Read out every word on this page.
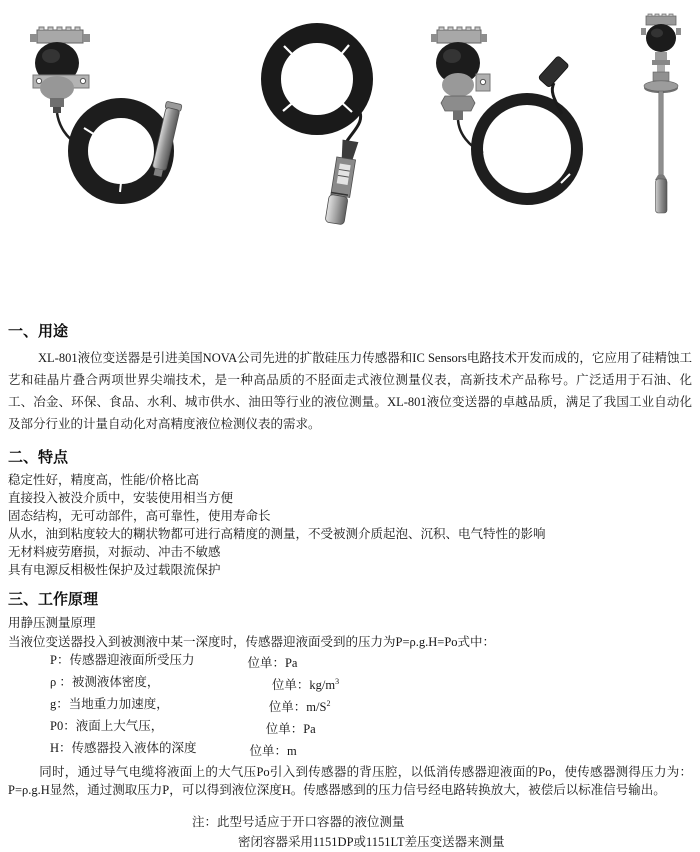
一、用途

XL-801液位变送器是引进美国NOVA公司先进的扩散硅压力传感器和IC Sensors电路技术开发而成的，它应用了硅精蚀工艺和硅晶片叠合两项世界尖端技术，是一种高品质的不胫面走式液位测量仪表，高新技术产品称号。广泛适用于石油、化工、冶金、环保、食品、水利、城市供水、油田等行业的液位测量。XL-801液位变送器的卓越品质，满足了我国工业自动化及部分行业的计量自动化对高精度液位检测仪表的需求。

二、特点
稳定性好，精度高，性能/价格比高
直接投入被没介质中，安装使用相当方便
固态结构，无可动部件，高可靠性，使用寿命长
从水，油到粘度较大的糊状物都可进行高精度的测量，不受被测介质起泡、沉积、电气特性的影响
无材料疲劳磨损，对振动、冲击不敏感
具有电源反相极性保护及过载限流保护
三、工作原理
用静压测量原理
当液位变送器投入到被测液中某一深度时，传感器迎液面受到的压力为P=ρ.g.H=Po式中：
P： 传感器迎液面所受压力	位单：Pa
ρ ： 被测液体密度，	位单：$kg/m^3$
g： 当地重力加速度，	位单：$m/S^2$
P0： 液面上大气压，	位单：Pa
H： 传感器投入液体的深度	位单：m

同时，通过导气电缆将液面上的大气压Po引入到传感器的背压腔，以低消传感器迎液面的Po，使传感器测得压力为：P=ρ.g.H显然，通过测取压力P，可以得到液位深度H。传感器感到的压力信号经电路转换放大，被偿后以标准信号输出。

注：此型号适应于开口容器的液位测量
密闭容器采用1151DP或1151LT差压变送器来测量
